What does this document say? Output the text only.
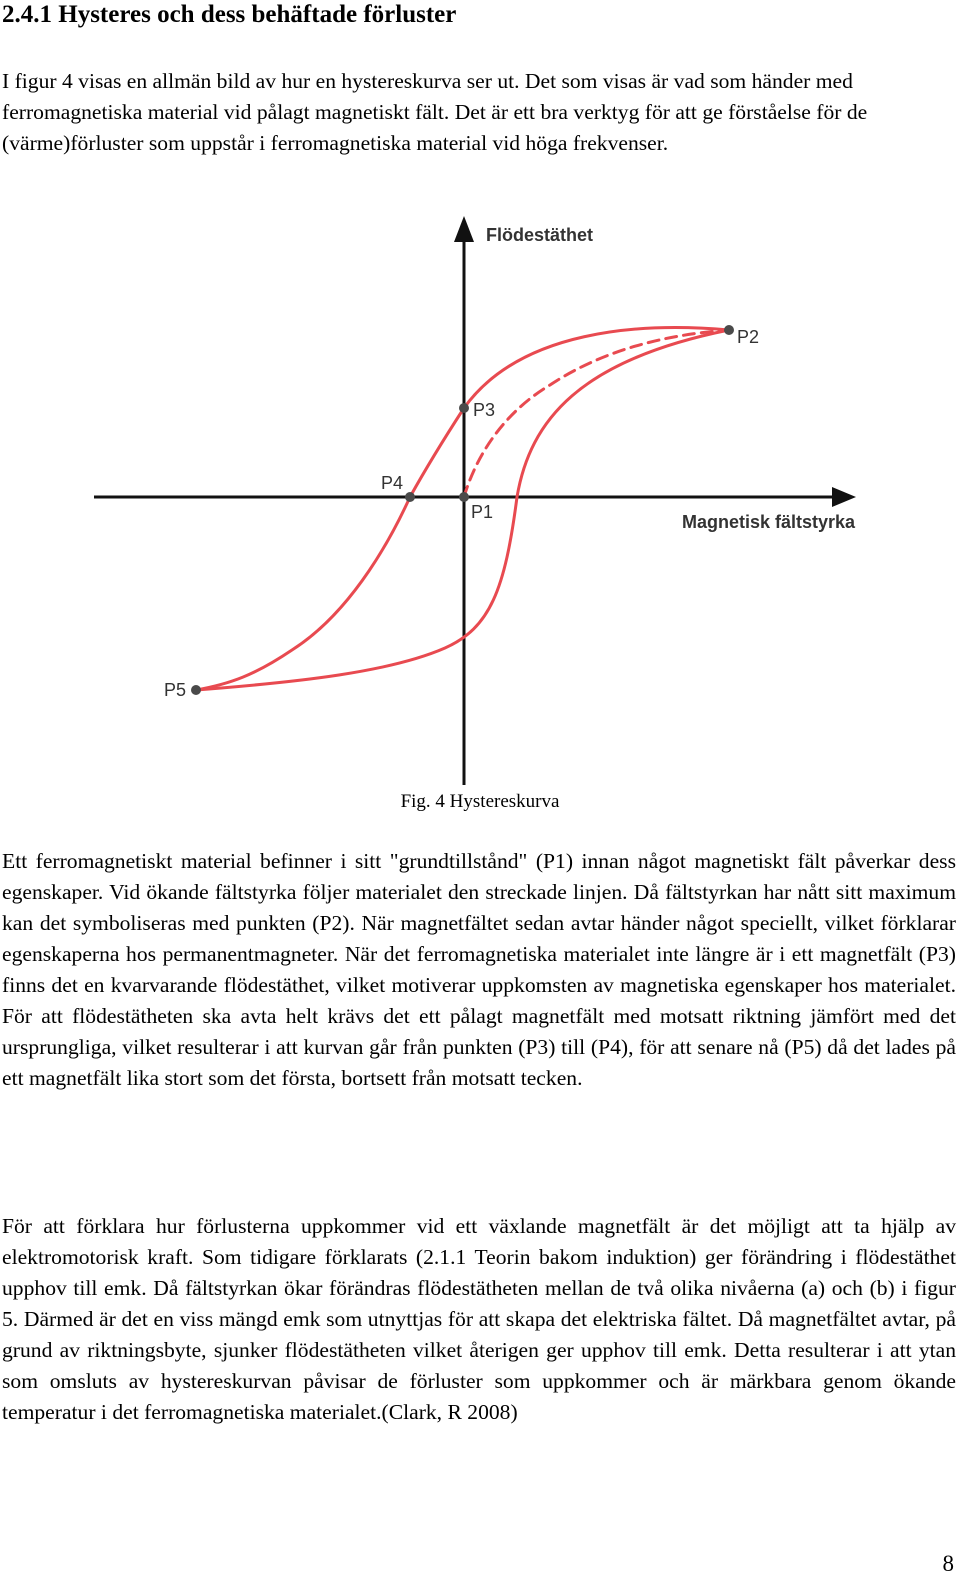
2.4.1 Hysteres och dess behäftade förluster

I figur 4 visas en allmän bild av hur en hystereskurva ser ut. Det som visas är vad som händer med ferromagnetiska material vid pålagt magnetiskt fält. Det är ett bra verktyg för att ge förståelse för de (värme)förluster som uppstår i ferromagnetiska material vid höga frekvenser.

Flödestäthet
Magnetisk fältstyrka
P1
P2
P3
P4
P5
Fig. 4 Hystereskurva

Ett ferromagnetiskt material befinner i sitt "grundtillstånd" (P1) innan något magnetiskt fält påverkar dess egenskaper. Vid ökande fältstyrka följer materialet den streckade linjen. Då fältstyrkan har nått sitt maximum kan det symboliseras med punkten (P2). När magnetfältet sedan avtar händer något speciellt, vilket förklarar egenskaperna hos permanentmagneter. När det ferromagnetiska materialet inte längre är i ett magnetfält (P3) finns det en kvarvarande flödestäthet, vilket motiverar uppkomsten av magnetiska egenskaper hos materialet. För att flödestätheten ska avta helt krävs det ett pålagt magnetfält med motsatt riktning jämfört med det ursprungliga, vilket resulterar i att kurvan går från punkten (P3) till (P4), för att senare nå (P5) då det lades på ett magnetfält lika stort som det första, bortsett från motsatt tecken.

För att förklara hur förlusterna uppkommer vid ett växlande magnetfält är det möjligt att ta hjälp av elektromotorisk kraft. Som tidigare förklarats (2.1.1 Teorin bakom induktion) ger förändring i flödestäthet upphov till emk. Då fältstyrkan ökar förändras flödestätheten mellan de två olika nivåerna (a) och (b) i figur 5. Därmed är det en viss mängd emk som utnyttjas för att skapa det elektriska fältet. Då magnetfältet avtar, på grund av riktningsbyte, sjunker flödestätheten vilket återigen ger upphov till emk. Detta resulterar i att ytan som omsluts av hystereskurvan påvisar de förluster som uppkommer och är märkbara genom ökande temperatur i det ferromagnetiska materialet.(Clark, R 2008)

8
